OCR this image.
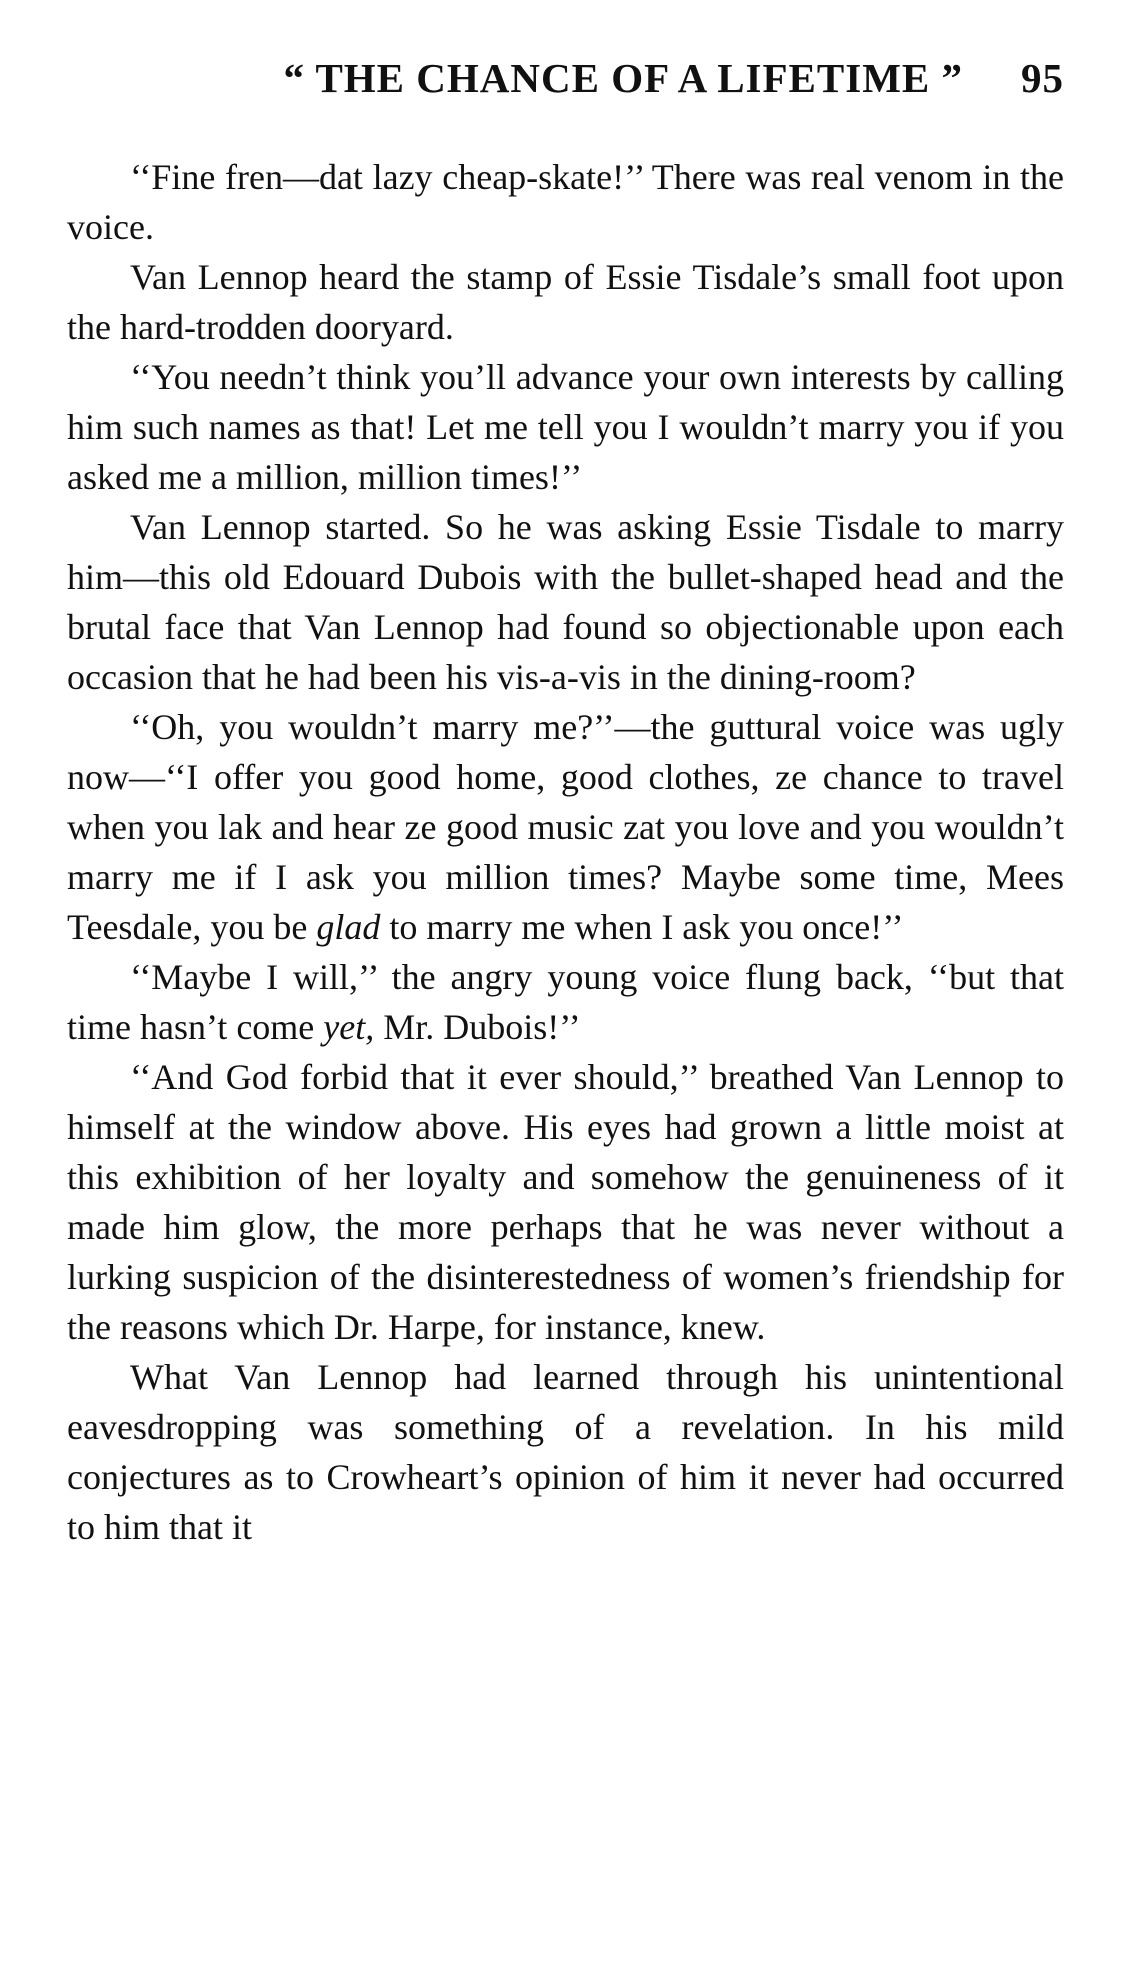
“ THE CHANCE OF A LIFETIME ” 95

‘‘Fine fren—dat lazy cheap-skate!’’ There was real venom in the voice.

Van Lennop heard the stamp of Essie Tisdale’s small foot upon the hard-trodden dooryard.

‘‘You needn’t think you’ll advance your own interests by calling him such names as that! Let me tell you I wouldn’t marry you if you asked me a million, million times!’’

Van Lennop started. So he was asking Essie Tisdale to marry him—this old Edouard Dubois with the bullet-shaped head and the brutal face that Van Lennop had found so objectionable upon each occasion that he had been his vis-a-vis in the dining-room?

‘‘Oh, you wouldn’t marry me?’’—the guttural voice was ugly now—‘‘I offer you good home, good clothes, ze chance to travel when you lak and hear ze good music zat you love and you wouldn’t marry me if I ask you million times? Maybe some time, Mees Teesdale, you be glad to marry me when I ask you once!’’

‘‘Maybe I will,’’ the angry young voice flung back, ‘‘but that time hasn’t come yet, Mr. Dubois!’’

‘‘And God forbid that it ever should,’’ breathed Van Lennop to himself at the window above. His eyes had grown a little moist at this exhibition of her loyalty and somehow the genuineness of it made him glow, the more perhaps that he was never without a lurking suspicion of the disinterestedness of women’s friendship for the reasons which Dr. Harpe, for instance, knew.

What Van Lennop had learned through his unintentional eavesdropping was something of a revelation. In his mild conjectures as to Crowheart’s opinion of him it never had occurred to him that it
